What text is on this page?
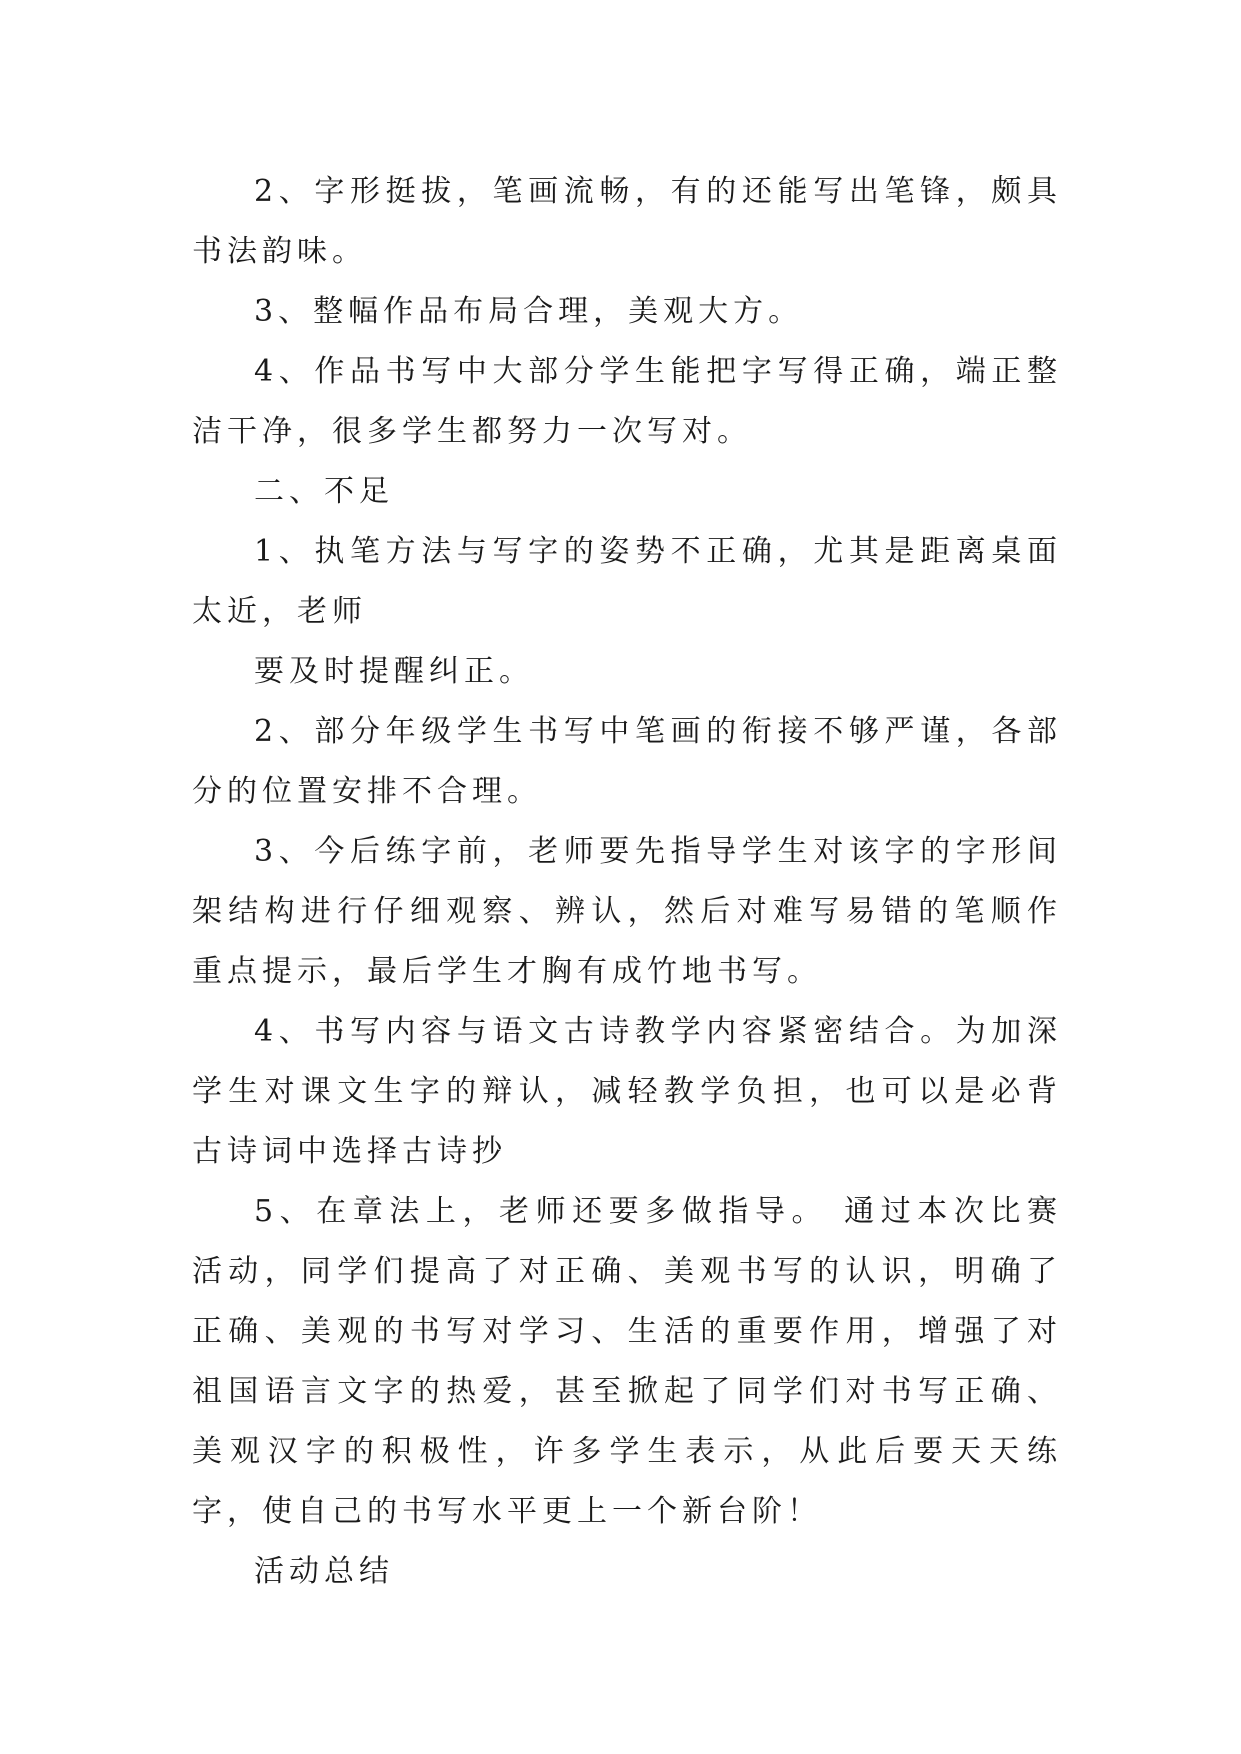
2、字形挺拔，笔画流畅，有的还能写出笔锋，颇具书法韵味。

3、整幅作品布局合理，美观大方。

4、作品书写中大部分学生能把字写得正确，端正整洁干净，很多学生都努力一次写对。

二、不足

1、执笔方法与写字的姿势不正确，尤其是距离桌面太近，老师

要及时提醒纠正。

2、部分年级学生书写中笔画的衔接不够严谨，各部分的位置安排不合理。

3、今后练字前，老师要先指导学生对该字的字形间架结构进行仔细观察、辨认，然后对难写易错的笔顺作重点提示，最后学生才胸有成竹地书写。

4、书写内容与语文古诗教学内容紧密结合。为加深学生对课文生字的辩认，减轻教学负担，也可以是必背古诗词中选择古诗抄

5、在章法上，老师还要多做指导。 通过本次比赛活动，同学们提高了对正确、美观书写的认识，明确了正确、美观的书写对学习、生活的重要作用，增强了对祖国语言文字的热爱，甚至掀起了同学们对书写正确、美观汉字的积极性，许多学生表示，从此后要天天练字，使自己的书写水平更上一个新台阶！

活动总结
